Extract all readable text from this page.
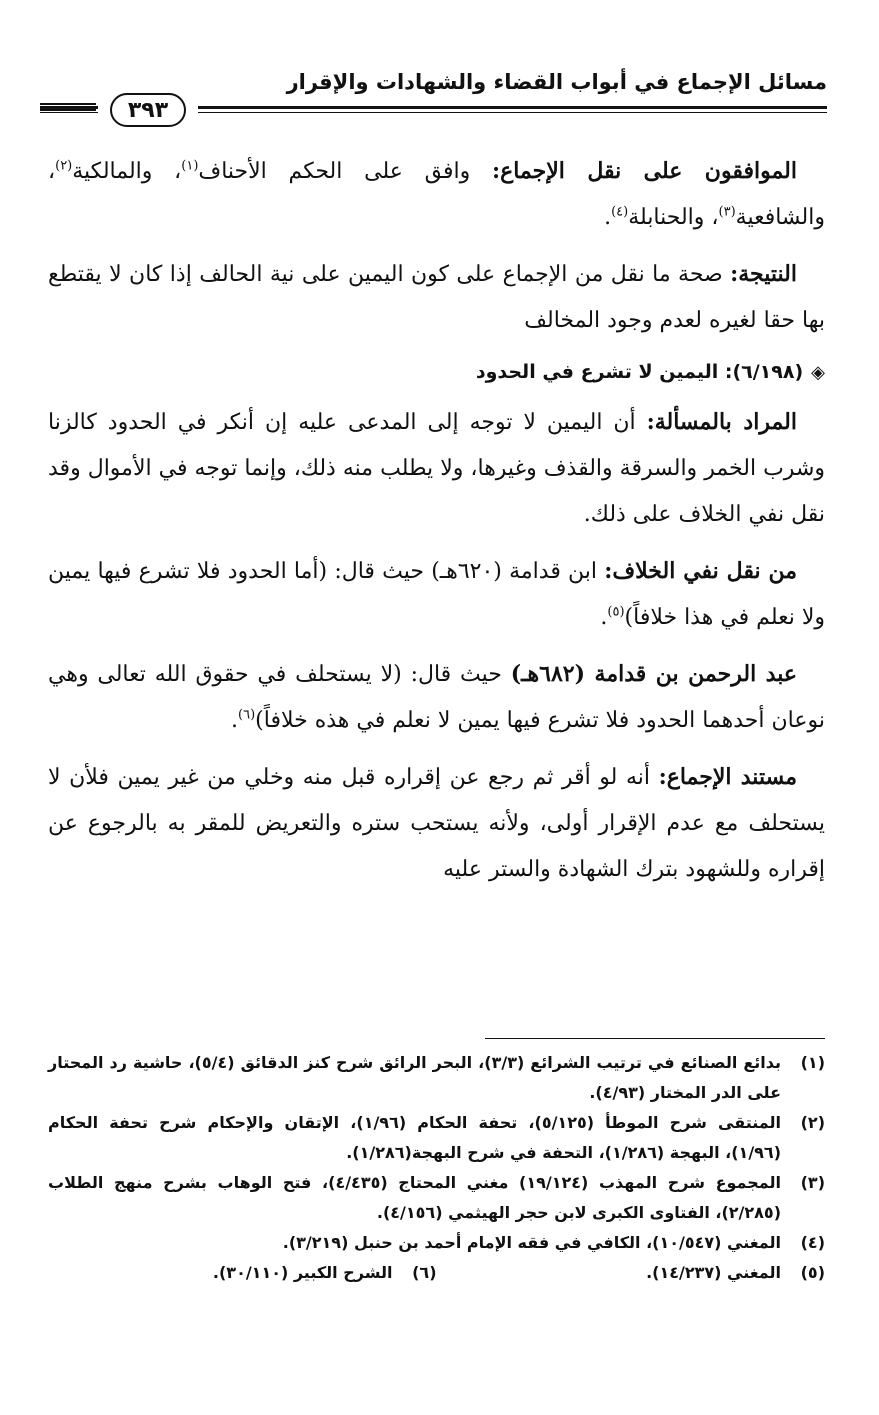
مسائل الإجماع في أبواب القضاء والشهادات والإقرار
٣٩٣

الموافقون على نقل الإجماع: وافق على الحكم الأحناف$^{(١)}$، والمالكية$^{(٢)}$، والشافعية$^{(٣)}$، والحنابلة$^{(٤)}$.

النتيجة: صحة ما نقل من الإجماع على كون اليمين على نية الحالف إذا كان لا يقتطع بها حقا لغيره لعدم وجود المخالف

◈(٦/١٩٨): اليمين لا تشرع في الحدود

المراد بالمسألة: أن اليمين لا توجه إلى المدعى عليه إن أنكر في الحدود كالزنا وشرب الخمر والسرقة والقذف وغيرها، ولا يطلب منه ذلك، وإنما توجه في الأموال وقد نقل نفي الخلاف على ذلك.

من نقل نفي الخلاف: ابن قدامة (٦٢٠هـ) حيث قال: (أما الحدود فلا تشرع فيها يمين ولا نعلم في هذا خلافاً)$^{(٥)}$.

عبد الرحمن بن قدامة (٦٨٢هـ) حيث قال: (لا يستحلف في حقوق الله تعالى وهي نوعان أحدهما الحدود فلا تشرع فيها يمين لا نعلم في هذه خلافاً)$^{(٦)}$.

مستند الإجماع: أنه لو أقر ثم رجع عن إقراره قبل منه وخلي من غير يمين فلأن لا يستحلف مع عدم الإقرار أولى، ولأنه يستحب ستره والتعريض للمقر به بالرجوع عن إقراره وللشهود بترك الشهادة والستر عليه

(١)
بدائع الصنائع في ترتيب الشرائع (٣/٣)، البحر الرائق شرح كنز الدقائق (٥/٤)، حاشية رد المحتار على الدر المختار (٤/٩٣).
(٢)
المنتقى شرح الموطأ (٥/١٢٥)، تحفة الحكام (١/٩٦)، الإتقان والإحكام شرح تحفة الحكام (١/٩٦)، البهجة (١/٢٨٦)، التحفة في شرح البهجة(١/٢٨٦).
(٣)
المجموع شرح المهذب (١٩/١٢٤) مغني المحتاج (٤/٤٣٥)، فتح الوهاب بشرح منهج الطلاب (٢/٢٨٥)، الفتاوى الكبرى لابن حجر الهيثمي (٤/١٥٦).
(٤)
المغني (١٠/٥٤٧)، الكافي في فقه الإمام أحمد بن حنبل (٣/٢١٩).
(٥)
المغني (١٤/٢٣٧).
(٦)
الشرح الكبير (٣٠/١١٠).
